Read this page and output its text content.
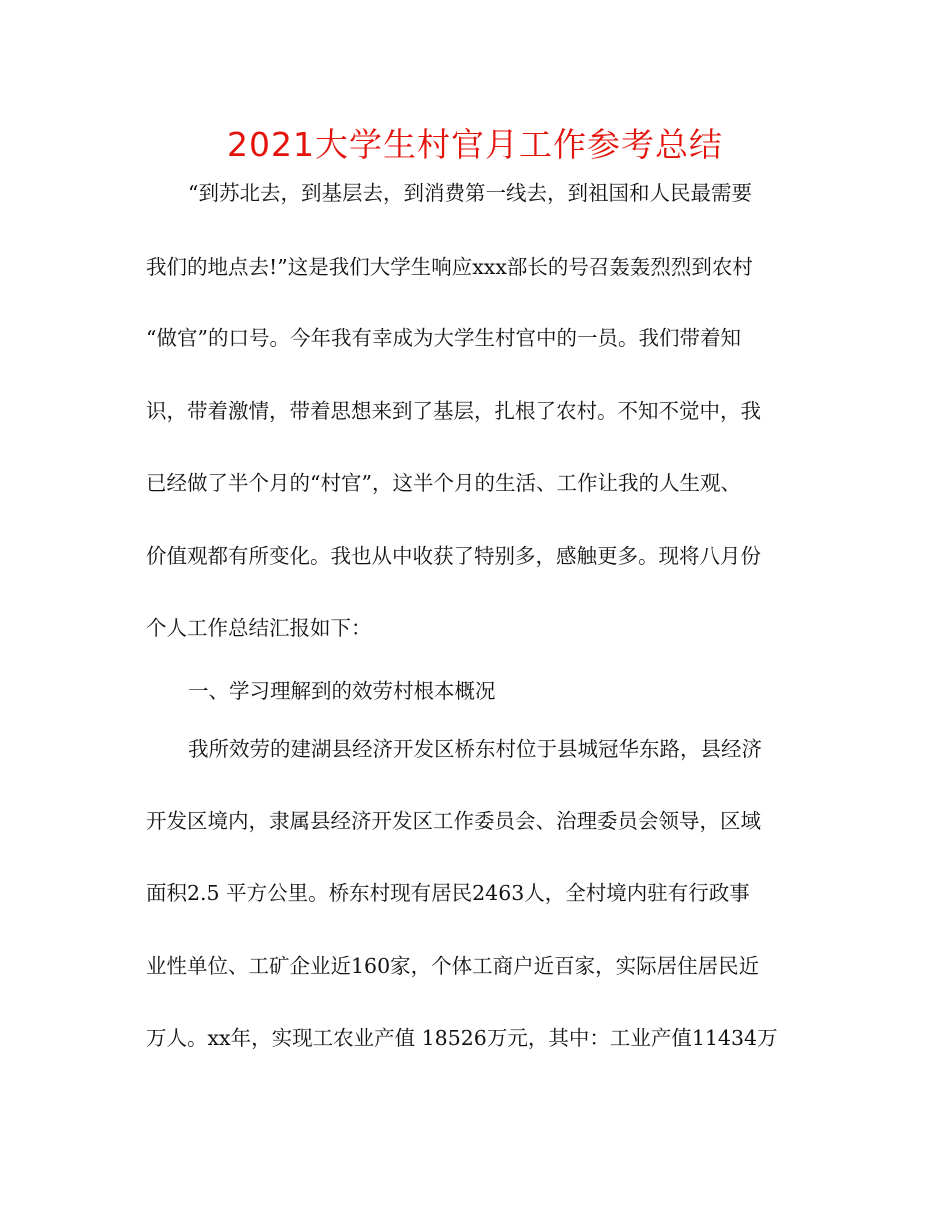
2021大学生村官月工作参考总结
“到苏北去，到基层去，到消费第一线去，到祖国和人民最需要
我们的地点去!”这是我们大学生响应xxx部长的号召轰轰烈烈到农村
“做官”的口号。今年我有幸成为大学生村官中的一员。我们带着知
识，带着激情，带着思想来到了基层，扎根了农村。不知不觉中，我
已经做了半个月的“村官”，这半个月的生活、工作让我的人生观、
价值观都有所变化。我也从中收获了特别多，感触更多。现将八月份
个人工作总结汇报如下：
一、学习理解到的效劳村根本概况
我所效劳的建湖县经济开发区桥东村位于县城冠华东路，县经济
开发区境内，隶属县经济开发区工作委员会、治理委员会领导，区域
面积2.5 平方公里。桥东村现有居民2463人，全村境内驻有行政事
业性单位、工矿企业近160家，个体工商户近百家，实际居住居民近
万人。xx年，实现工农业产值 18526万元，其中：工业产值11434万
